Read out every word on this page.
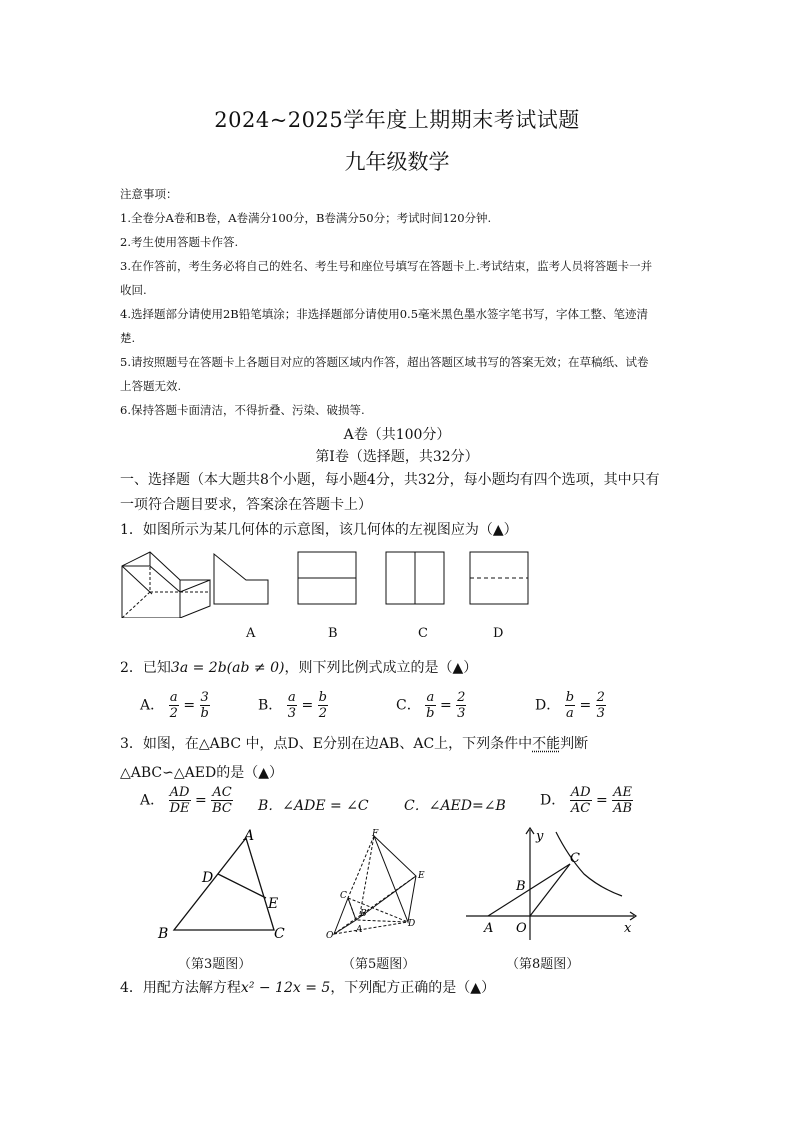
2024~2025学年度上期期末考试试题
九年级数学
注意事项：
1.全卷分A卷和B卷，A卷满分100分，B卷满分50分；考试时间120分钟.
2.考生使用答题卡作答.
3.在作答前，考生务必将自己的姓名、考生号和座位号填写在答题卡上.考试结束，监考人员将答题卡一并
收回.
4.选择题部分请使用2B铅笔填涂；非选择题部分请使用0.5毫米黑色墨水签字笔书写，字体工整、笔迹清
楚.
5.请按照题号在答题卡上各题目对应的答题区域内作答，超出答题区域书写的答案无效；在草稿纸、试卷
上答题无效.
6.保持答题卡面清洁，不得折叠、污染、破损等.
A卷（共100分）
第Ⅰ卷（选择题，共32分）
一、选择题（本大题共8个小题，每小题4分，共32分，每小题均有四个选项，其中只有
一项符合题目要求，答案涂在答题卡上）
1．如图所示为某几何体的示意图，该几何体的左视图应为（▲）
A	B	C	D
2．已知3a = 2b(ab ≠ 0)，则下列比例式成立的是（▲）
A． $\frac{a}{2} = \frac{3}{b}$	B． $\frac{a}{3} = \frac{b}{2}$	C． $\frac{a}{b} = \frac{2}{3}$	D． $\frac{b}{a} = \frac{2}{3}$
3．如图，在△ABC 中，点D、E分别在边AB、AC上，下列条件中不能判断
△ABC∽△AED的是（▲）
A． $\frac{AD}{DE} = \frac{AC}{BC}$ B．∠ADE = ∠C	C．∠AED=∠B D． $\frac{AD}{AC} = \frac{AE}{AB}$
A
D
E
B	C
F
E
C
B
A
D
O
y
C
B
A O	x
（第3题图）	（第5题图）	（第8题图）
4．用配方法解方程x² − 12x = 5，下列配方正确的是（▲）
